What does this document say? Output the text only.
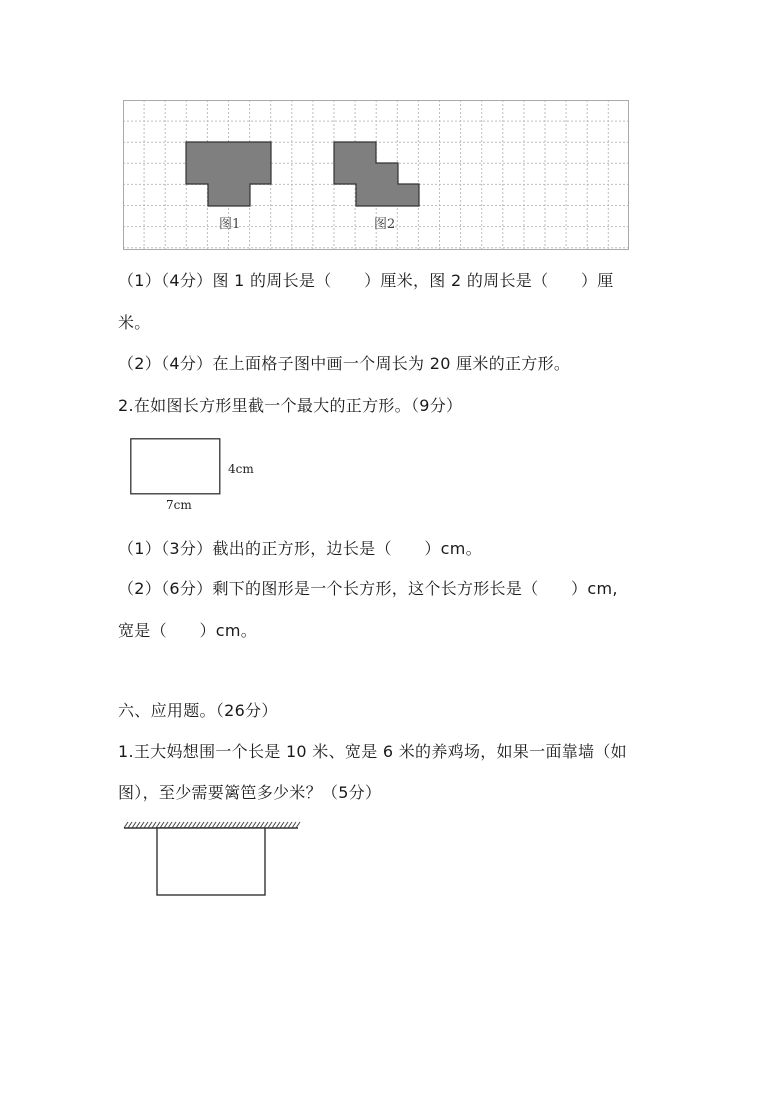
图1	图2
（1）（4分）图 1 的周长是（　　）厘米，图 2 的周长是（　　）厘
米。
（2）（4分）在上面格子图中画一个周长为 20 厘米的正方形。
2.在如图长方形里截一个最大的正方形。（9分）
4cm
7cm
（1）（3分）截出的正方形，边长是（　　）cm。
（2）（6分）剩下的图形是一个长方形，这个长方形长是（　　）cm,
宽是（　　）cm。
六、应用题。（26分）
1.王大妈想围一个长是 10 米、宽是 6 米的养鸡场，如果一面靠墙（如
图），至少需要篱笆多少米？（5分）
